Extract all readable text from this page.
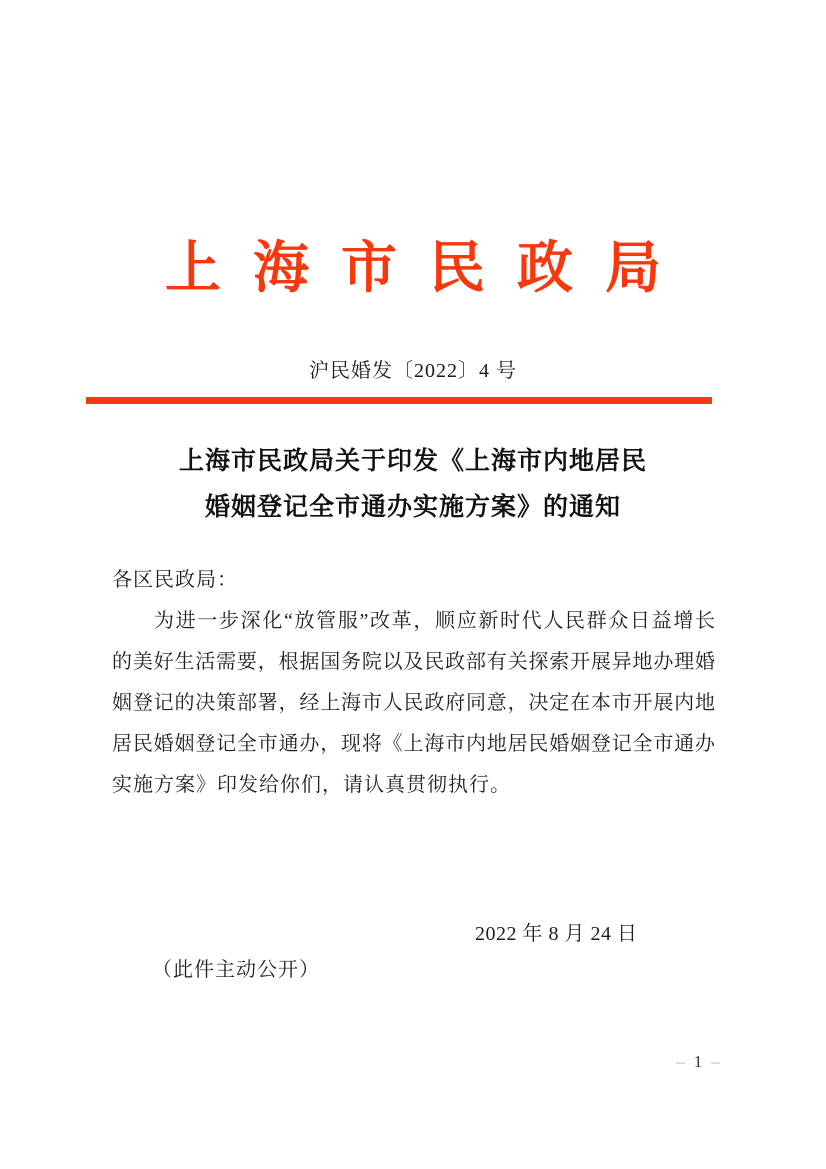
上 海 市 民 政 局
沪民婚发〔2022〕4 号
上海市民政局关于印发《上海市内地居民
婚姻登记全市通办实施方案》的通知
各区民政局：
为进一步深化“放管服”改革，顺应新时代人民群众日益增长
的美好生活需要，根据国务院以及民政部有关探索开展异地办理婚
姻登记的决策部署，经上海市人民政府同意，决定在本市开展内地
居民婚姻登记全市通办，现将《上海市内地居民婚姻登记全市通办
实施方案》印发给你们，请认真贯彻执行。
2022 年 8 月 24 日
（此件主动公开）
– 1 –
